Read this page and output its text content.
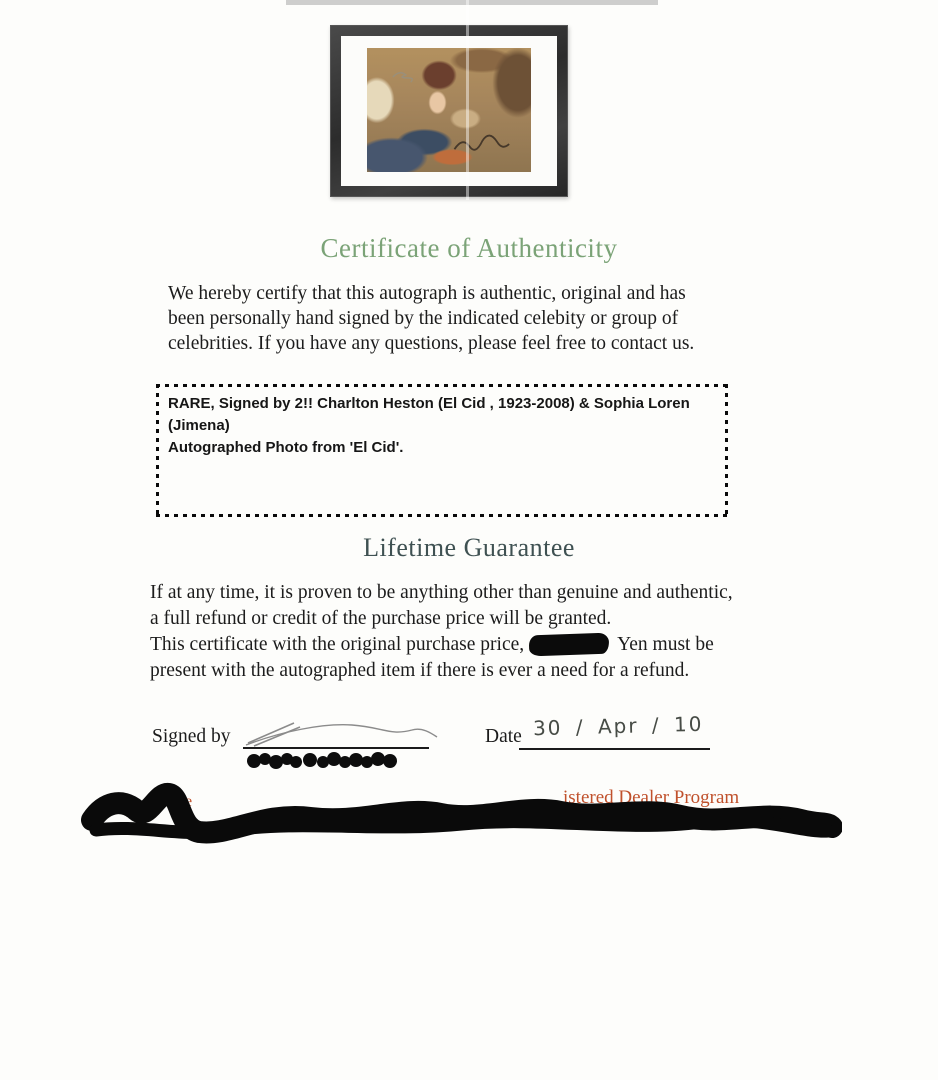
Certificate of Authenticity
We hereby certify that this autograph is authentic, original and has
been personally hand signed by the indicated celebity or group of
celebrities. If you have any questions, please feel free to contact us.
RARE, Signed by 2!! Charlton Heston (El Cid , 1923-2008) & Sophia Loren (Jimena)
Autographed Photo from 'El Cid'.
Lifetime Guarantee
If at any time, it is proven to be anything other than genuine and authentic,
a full refund or credit of the purchase price will be granted.
This certificate with the original purchase price,	Yen must be
present with the autographed item if there is ever a need for a refund.
Signed by	Date 30 / Apr / 10
e	istered Dealer Program
